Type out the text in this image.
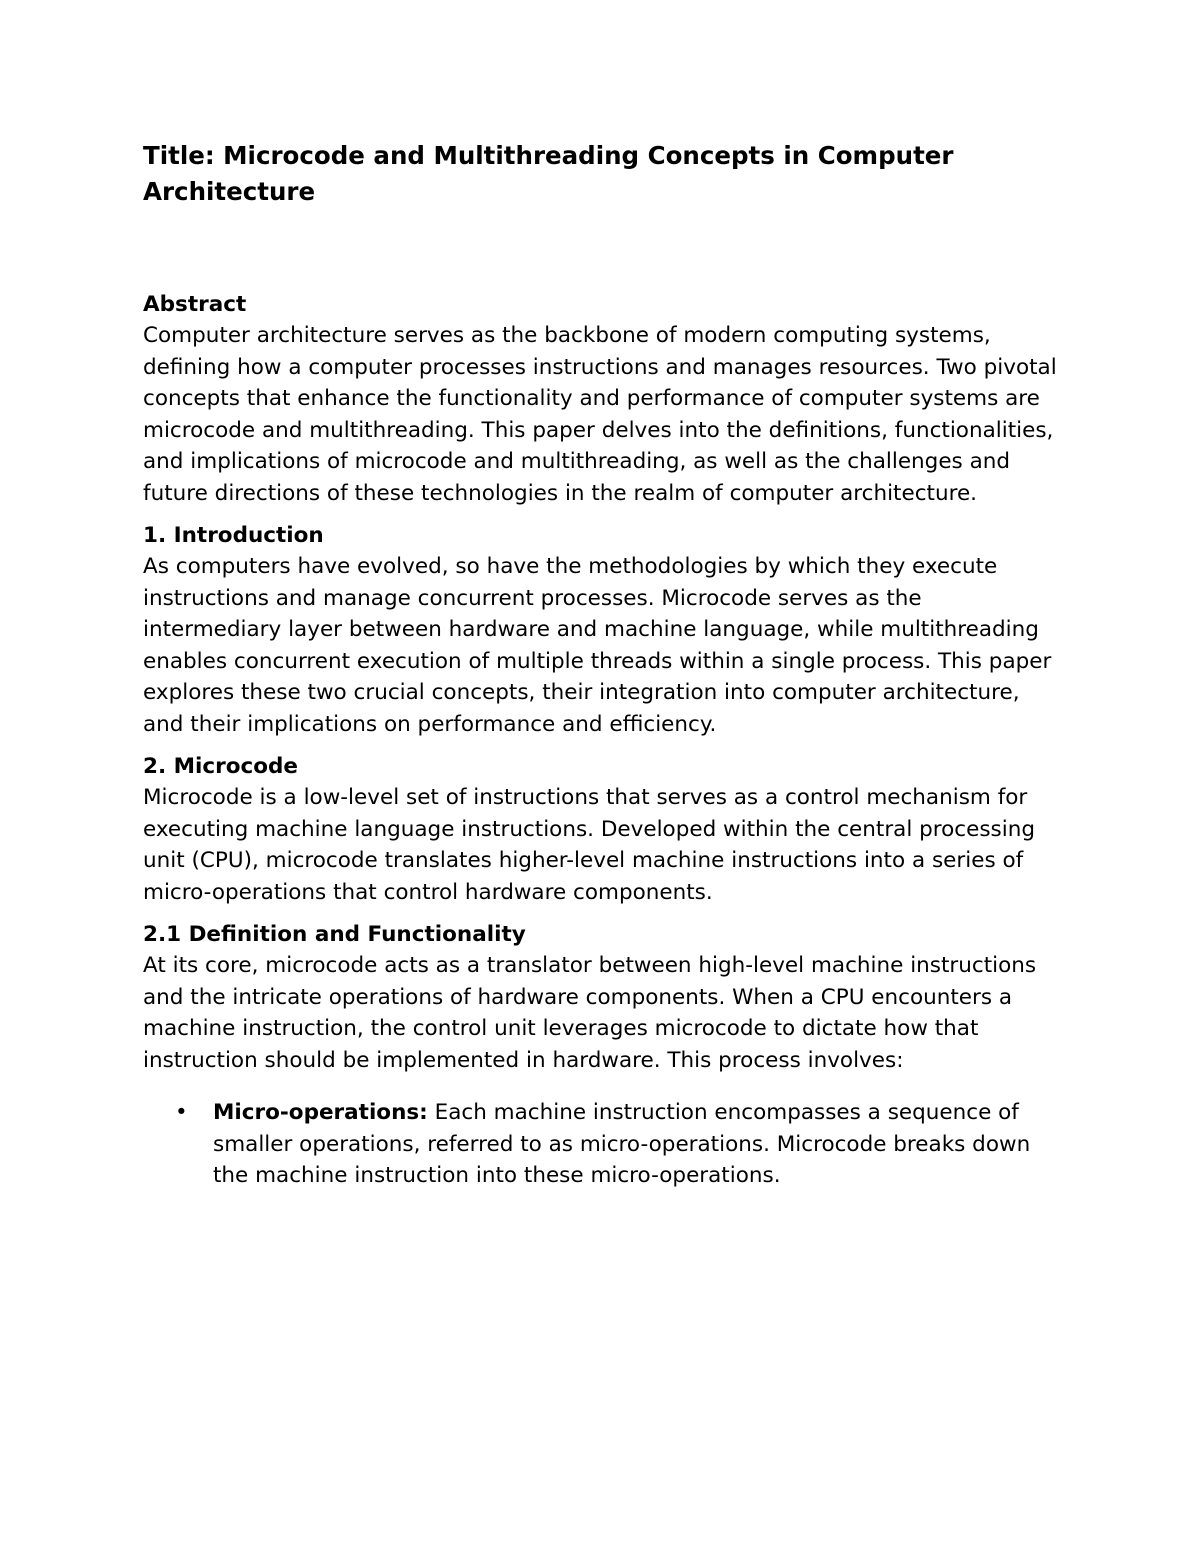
Title: Microcode and Multithreading Concepts in Computer Architecture
Abstract

Computer architecture serves as the backbone of modern computing systems, defining how a computer processes instructions and manages resources. Two pivotal concepts that enhance the functionality and performance of computer systems are microcode and multithreading. This paper delves into the definitions, functionalities, and implications of microcode and multithreading, as well as the challenges and future directions of these technologies in the realm of computer architecture.

1. Introduction

As computers have evolved, so have the methodologies by which they execute instructions and manage concurrent processes. Microcode serves as the intermediary layer between hardware and machine language, while multithreading enables concurrent execution of multiple threads within a single process. This paper explores these two crucial concepts, their integration into computer architecture, and their implications on performance and efficiency.

2. Microcode

Microcode is a low-level set of instructions that serves as a control mechanism for executing machine language instructions. Developed within the central processing unit (CPU), microcode translates higher-level machine instructions into a series of micro-operations that control hardware components.

2.1 Definition and Functionality

At its core, microcode acts as a translator between high-level machine instructions and the intricate operations of hardware components. When a CPU encounters a machine instruction, the control unit leverages microcode to dictate how that instruction should be implemented in hardware. This process involves:

• Micro-operations: Each machine instruction encompasses a sequence of smaller operations, referred to as micro-operations. Microcode breaks down the machine instruction into these micro-operations.
